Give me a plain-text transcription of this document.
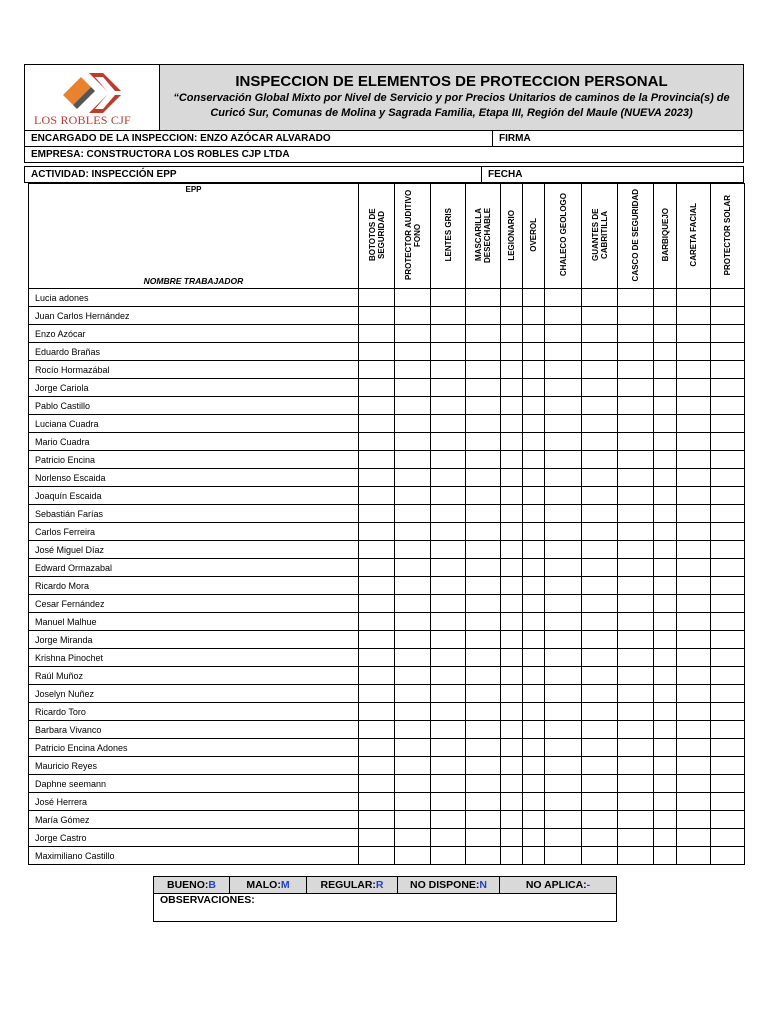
LOS ROBLES CJF
INSPECCION DE ELEMENTOS DE PROTECCION PERSONAL
“Conservación Global Mixto por Nivel de Servicio y por Precios Unitarios de caminos de la Provincia(s) de Curicó Sur, Comunas de Molina y Sagrada Familia, Etapa III, Región del Maule (NUEVA 2023)
ENCARGADO DE LA INSPECCION: ENZO AZÓCAR ALVARADO	FIRMA
EMPRESA: CONSTRUCTORA LOS ROBLES CJP LTDA
ACTIVIDAD: INSPECCIÓN EPP	FECHA
EPP
NOMBRE TRABAJADOR	BOTOTOS DE SEGURIDAD	PROTECTOR AUDITIVO FONO	LENTES GRIS	MASCARILLA DESECHABLE	LEGIONARIO	OVEROL	CHALECO GEOLOGO	GUANTES DE CABRITILLA	CASCO DE SEGURIDAD	BARBIQUEJO	CARETA FACIAL	PROTECTOR SOLAR
Lucia adones												
Juan Carlos Hernández												
Enzo Azócar												
Eduardo Brañas												
Rocío Hormazábal												
Jorge Cariola												
Pablo Castillo												
Luciana Cuadra												
Mario Cuadra												
Patricio Encina												
Norlenso Escaida												
Joaquín Escaida												
Sebastián Farías												
Carlos Ferreira												
José Miguel Díaz												
Edward Ormazabal												
Ricardo Mora												
Cesar Fernández												
Manuel Malhue												
Jorge Miranda												
Krishna Pinochet												
Raúl Muñoz												
Joselyn Nuñez												
Ricardo Toro												
Barbara Vivanco												
Patricio Encina Adones												
Mauricio Reyes												
Daphne seemann												
José Herrera												
María Gómez												
Jorge Castro												
Maximiliano Castillo												
BUENO: B	MALO: M	REGULAR: R	NO DISPONE: N	NO APLICA: -
OBSERVACIONES:
